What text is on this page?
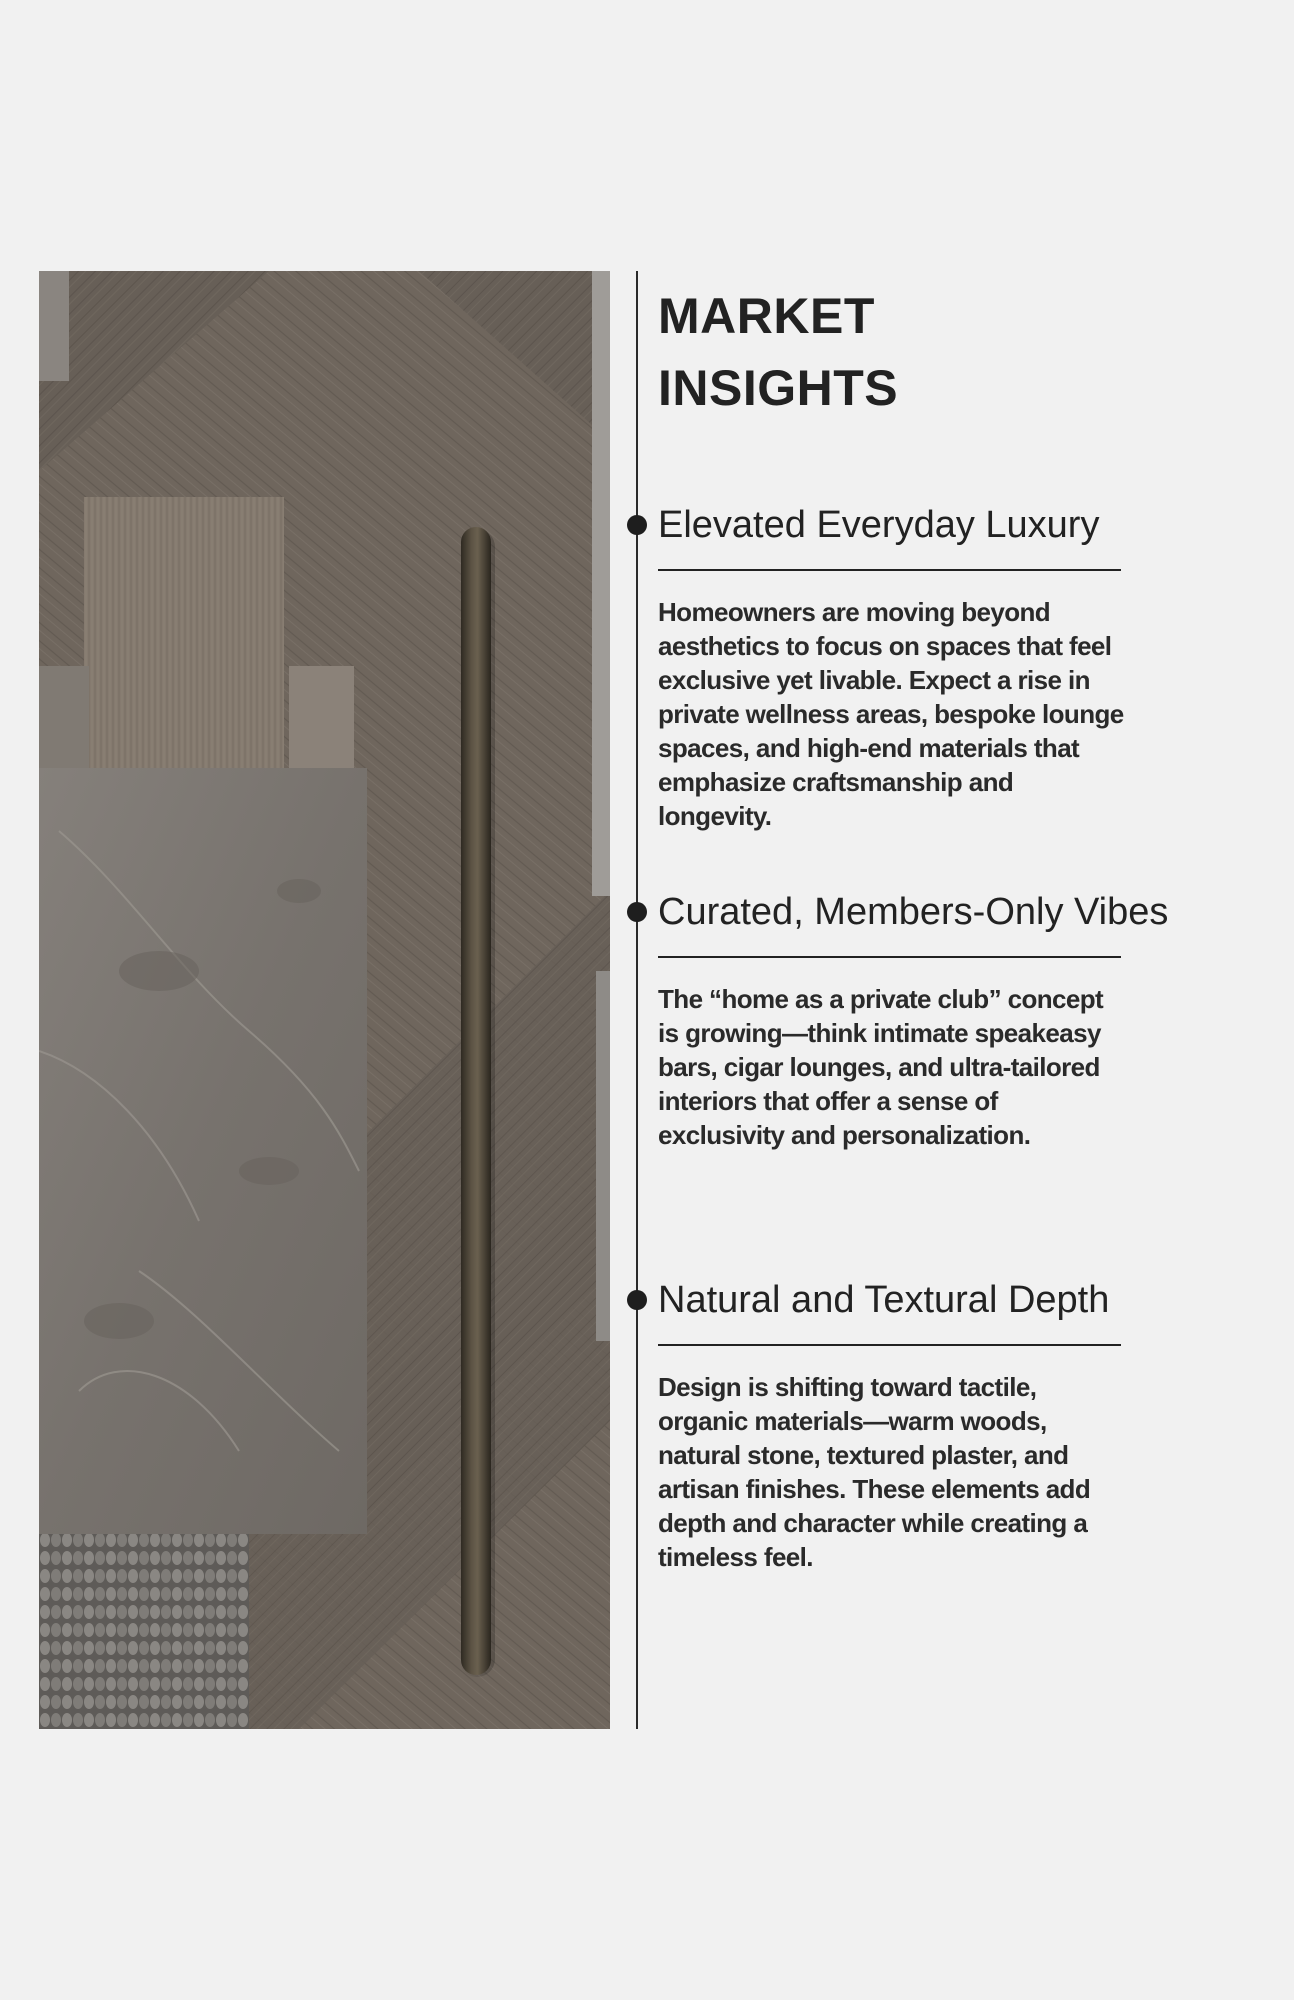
MARKET
INSIGHTS
Elevated Everyday Luxury

Homeowners are moving beyond aesthetics to focus on spaces that feel exclusive yet livable. Expect a rise in private wellness areas, bespoke lounge spaces, and high-end materials that emphasize craftsmanship and longevity.

Curated, Members-Only Vibes

The “home as a private club” concept is growing—think intimate speakeasy bars, cigar lounges, and ultra-tailored interiors that offer a sense of exclusivity and personalization.

Natural and Textural Depth

Design is shifting toward tactile, organic materials—warm woods, natural stone, textured plaster, and artisan finishes. These elements add depth and character while creating a timeless feel.
